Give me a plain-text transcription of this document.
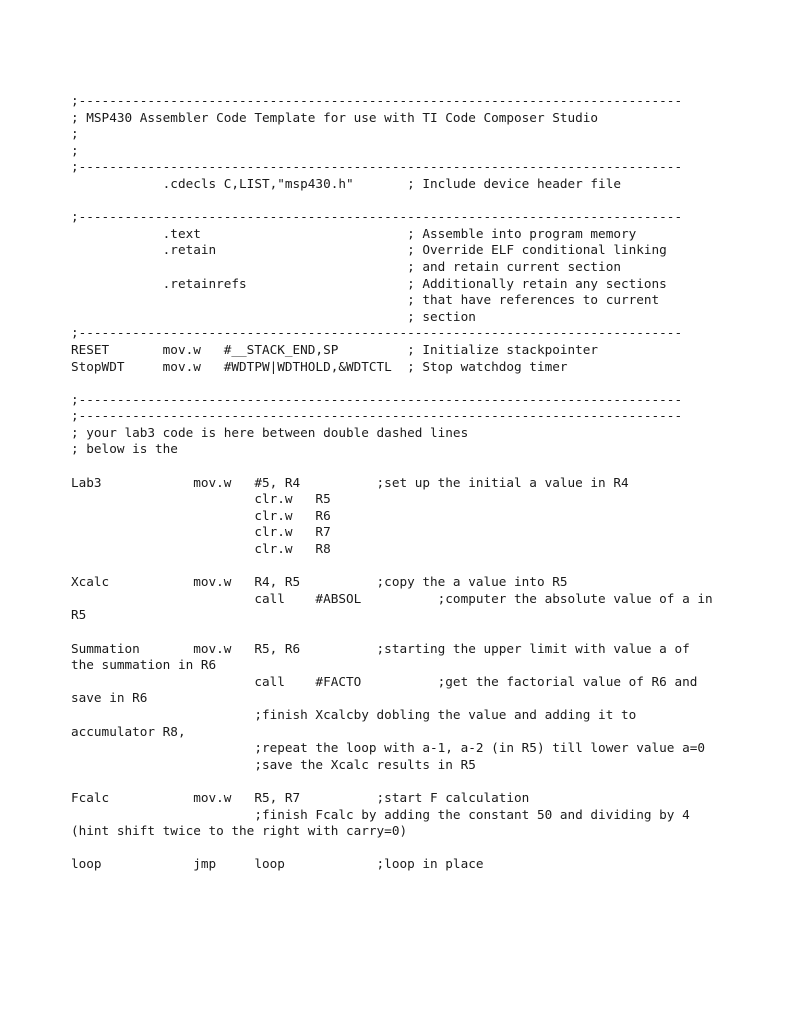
;-------------------------------------------------------------------------------
; MSP430 Assembler Code Template for use with TI Code Composer Studio
;
;
;-------------------------------------------------------------------------------
.cdecls C,LIST,"msp430.h"       ; Include device header file
;-------------------------------------------------------------------------------
.text                           ; Assemble into program memory
.retain                         ; Override ELF conditional linking
; and retain current section
.retainrefs                     ; Additionally retain any sections
; that have references to current
; section
;-------------------------------------------------------------------------------
RESET       mov.w   #__STACK_END,SP         ; Initialize stackpointer
StopWDT     mov.w   #WDTPW|WDTHOLD,&WDTCTL  ; Stop watchdog timer
;-------------------------------------------------------------------------------
;-------------------------------------------------------------------------------
; your lab3 code is here between double dashed lines
; below is the
Lab3            mov.w   #5, R4          ;set up the initial a value in R4
clr.w   R5
clr.w   R6
clr.w   R7
clr.w   R8
Xcalc           mov.w   R4, R5          ;copy the a value into R5
call    #ABSOL          ;computer the absolute value of a in
R5
Summation       mov.w   R5, R6          ;starting the upper limit with value a of
the summation in R6
call    #FACTO          ;get the factorial value of R6 and
save in R6
;finish Xcalcby dobling the value and adding it to
accumulator R8,
;repeat the loop with a-1, a-2 (in R5) till lower value a=0
;save the Xcalc results in R5
Fcalc           mov.w   R5, R7          ;start F calculation
;finish Fcalc by adding the constant 50 and dividing by 4
(hint shift twice to the right with carry=0)
loop            jmp     loop            ;loop in place
